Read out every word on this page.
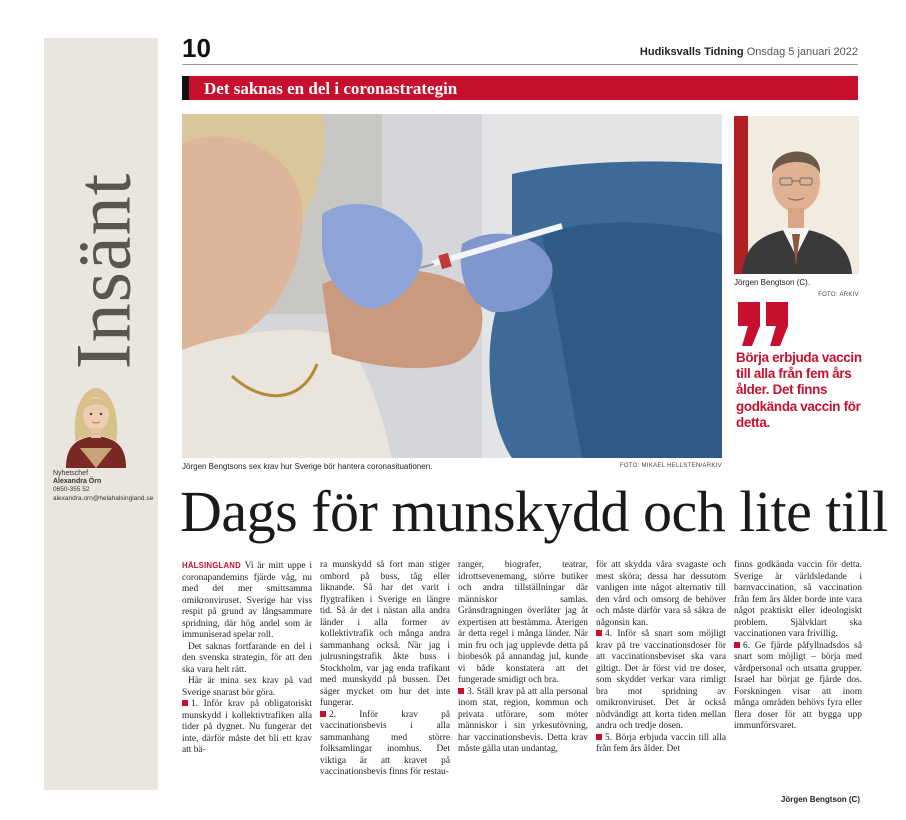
Insänt
Nyhetschef
Alexandra Örn
0650-355 52
alexandra.orn@helahalsingland.se
10	Hudiksvalls Tidning Onsdag 5 januari 2022
Det saknas en del i coronastrategin
Jörgen Bengtsons sex krav hur Sverige bör hantera coronasituationen.	FOTO: MIKAEL HELLSTEN/ARKIV
Jörgen Bengtson (C).
FOTO: ARKIV
Börja erbjuda vaccin till alla från fem års ålder. Det finns godkända vaccin för detta.
Dags för munskydd och lite till

HÄLSINGLAND Vi är mitt uppe i coronapandemins fjärde våg, nu med det mer smittsamma omikronviruset. Sverige har viss respit på grund av långsammare spridning, där hög andel som är immuniserad spelar roll.

Det saknas fortfarande en del i den svenska strategin, för att den ska vara helt rätt.

Här är mina sex krav på vad Sverige snarast bör göra.

1. Inför krav på obligatoriskt munskydd i kollektivtrafiken alla tider på dygnet. Nu fungerar det inte, därför måste det bli ett krav att bä-

ra munskydd så fort man stiger ombord på buss, tåg eller liknande. Så har det varit i flygtrafiken i Sverige en längre tid. Så är det i nästan alla andra länder i alla former av kollektivtrafik och många andra sammanhang också. När jag i julrusningstrafik åkte buss i Stockholm, var jag enda trafikant med munskydd på bussen. Det säger mycket om hur det inte fungerar.

2. Inför krav på vaccinationsbevis i alla sammanhang med större folksamlingar inomhus. Det viktiga är att kravet på vaccinationsbevis finns för restau-

ranger, biografer, teatrar, idrottsevenemang, större butiker och andra tillställningar där människor samlas. Gränsdragningen överlåter jag åt expertisen att bestämma. Återigen är detta regel i många länder. När min fru och jag upplevde detta på biobesök på annandag jul, kunde vi både konstatera att det fungerade smidigt och bra.

3. Ställ krav på att alla personal inom stat, region, kommun och privata utförare, som möter människor i sin yrkesutövning, har vaccinationsbevis. Detta krav måste gälla utan undantag,

för att skydda våra svagaste och mest sköra; dessa har dessutom vanligen inte något alternativ till den vård och omsorg de behöver och måste därför vara så säkra de någonsin kan.

4. Inför så snart som möjligt krav på tre vaccinationsdoser för att vaccinationsbeviset ska vara giltigt. Det är först vid tre doser, som skyddet verkar vara rimligt bra mot spridning av omikronviruset. Det är också nödvändigt att korta tiden mellan andra och tredje dosen.

5. Börja erbjuda vaccin till alla från fem års ålder. Det

finns godkända vaccin för detta. Sverige är världsledande i barnvaccination, så vaccination från fem års ålder borde inte vara något praktiskt eller ideologiskt problem. Självklart ska vaccinationen vara frivillig.

6. Ge fjärde påfyllnadsdos så snart som möjligt – börja med vårdpersonal och utsatta grupper. Israel har börjat ge fjärde dos. Forskningen visar att inom många områden behövs fyra eller flera doser för att bygga upp immunförsvaret.

Jörgen Bengtson (C)
